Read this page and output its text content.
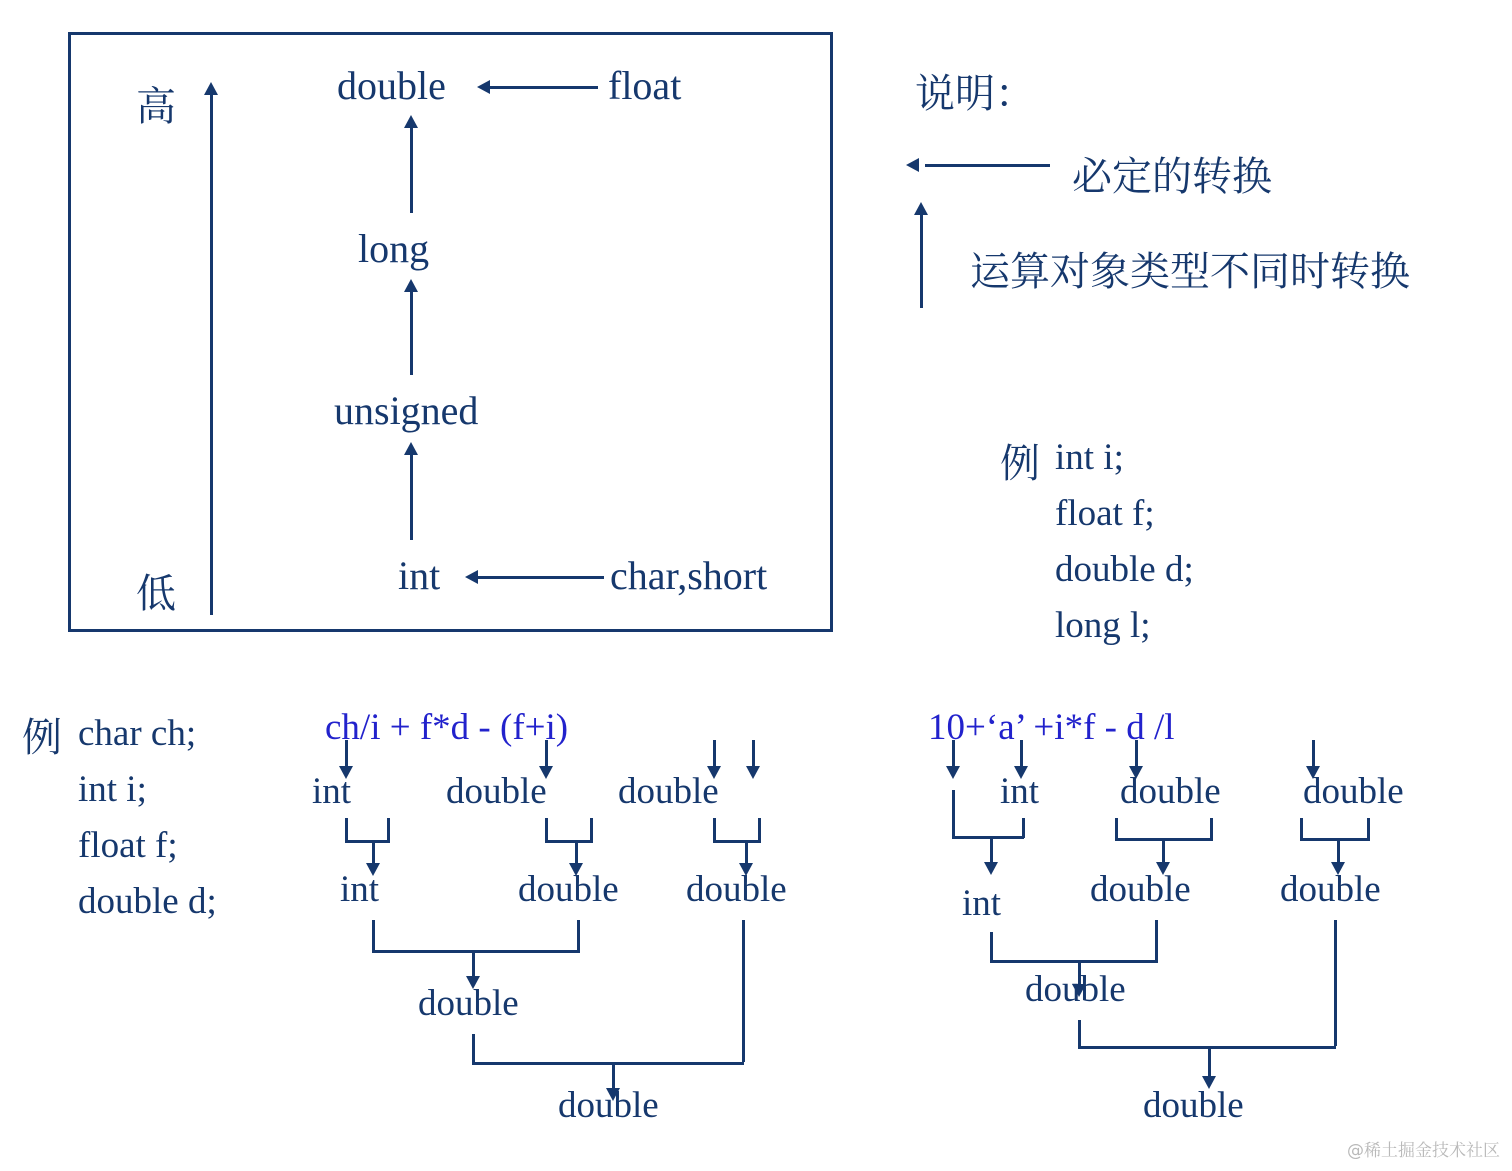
高
低
double	float
long
unsigned
int	char,short
说明：
必定的转换
运算对象类型不同时转换
例 int i;
float f;
double d;
long l;
例 char ch;
int i;
float f;
double d;
ch/i + f*d - (f+i)
int	double double
int	double double
double
double
10+‘a’ +i*f - d /l
int double double
int double double
double
double
@稀土掘金技术社区
